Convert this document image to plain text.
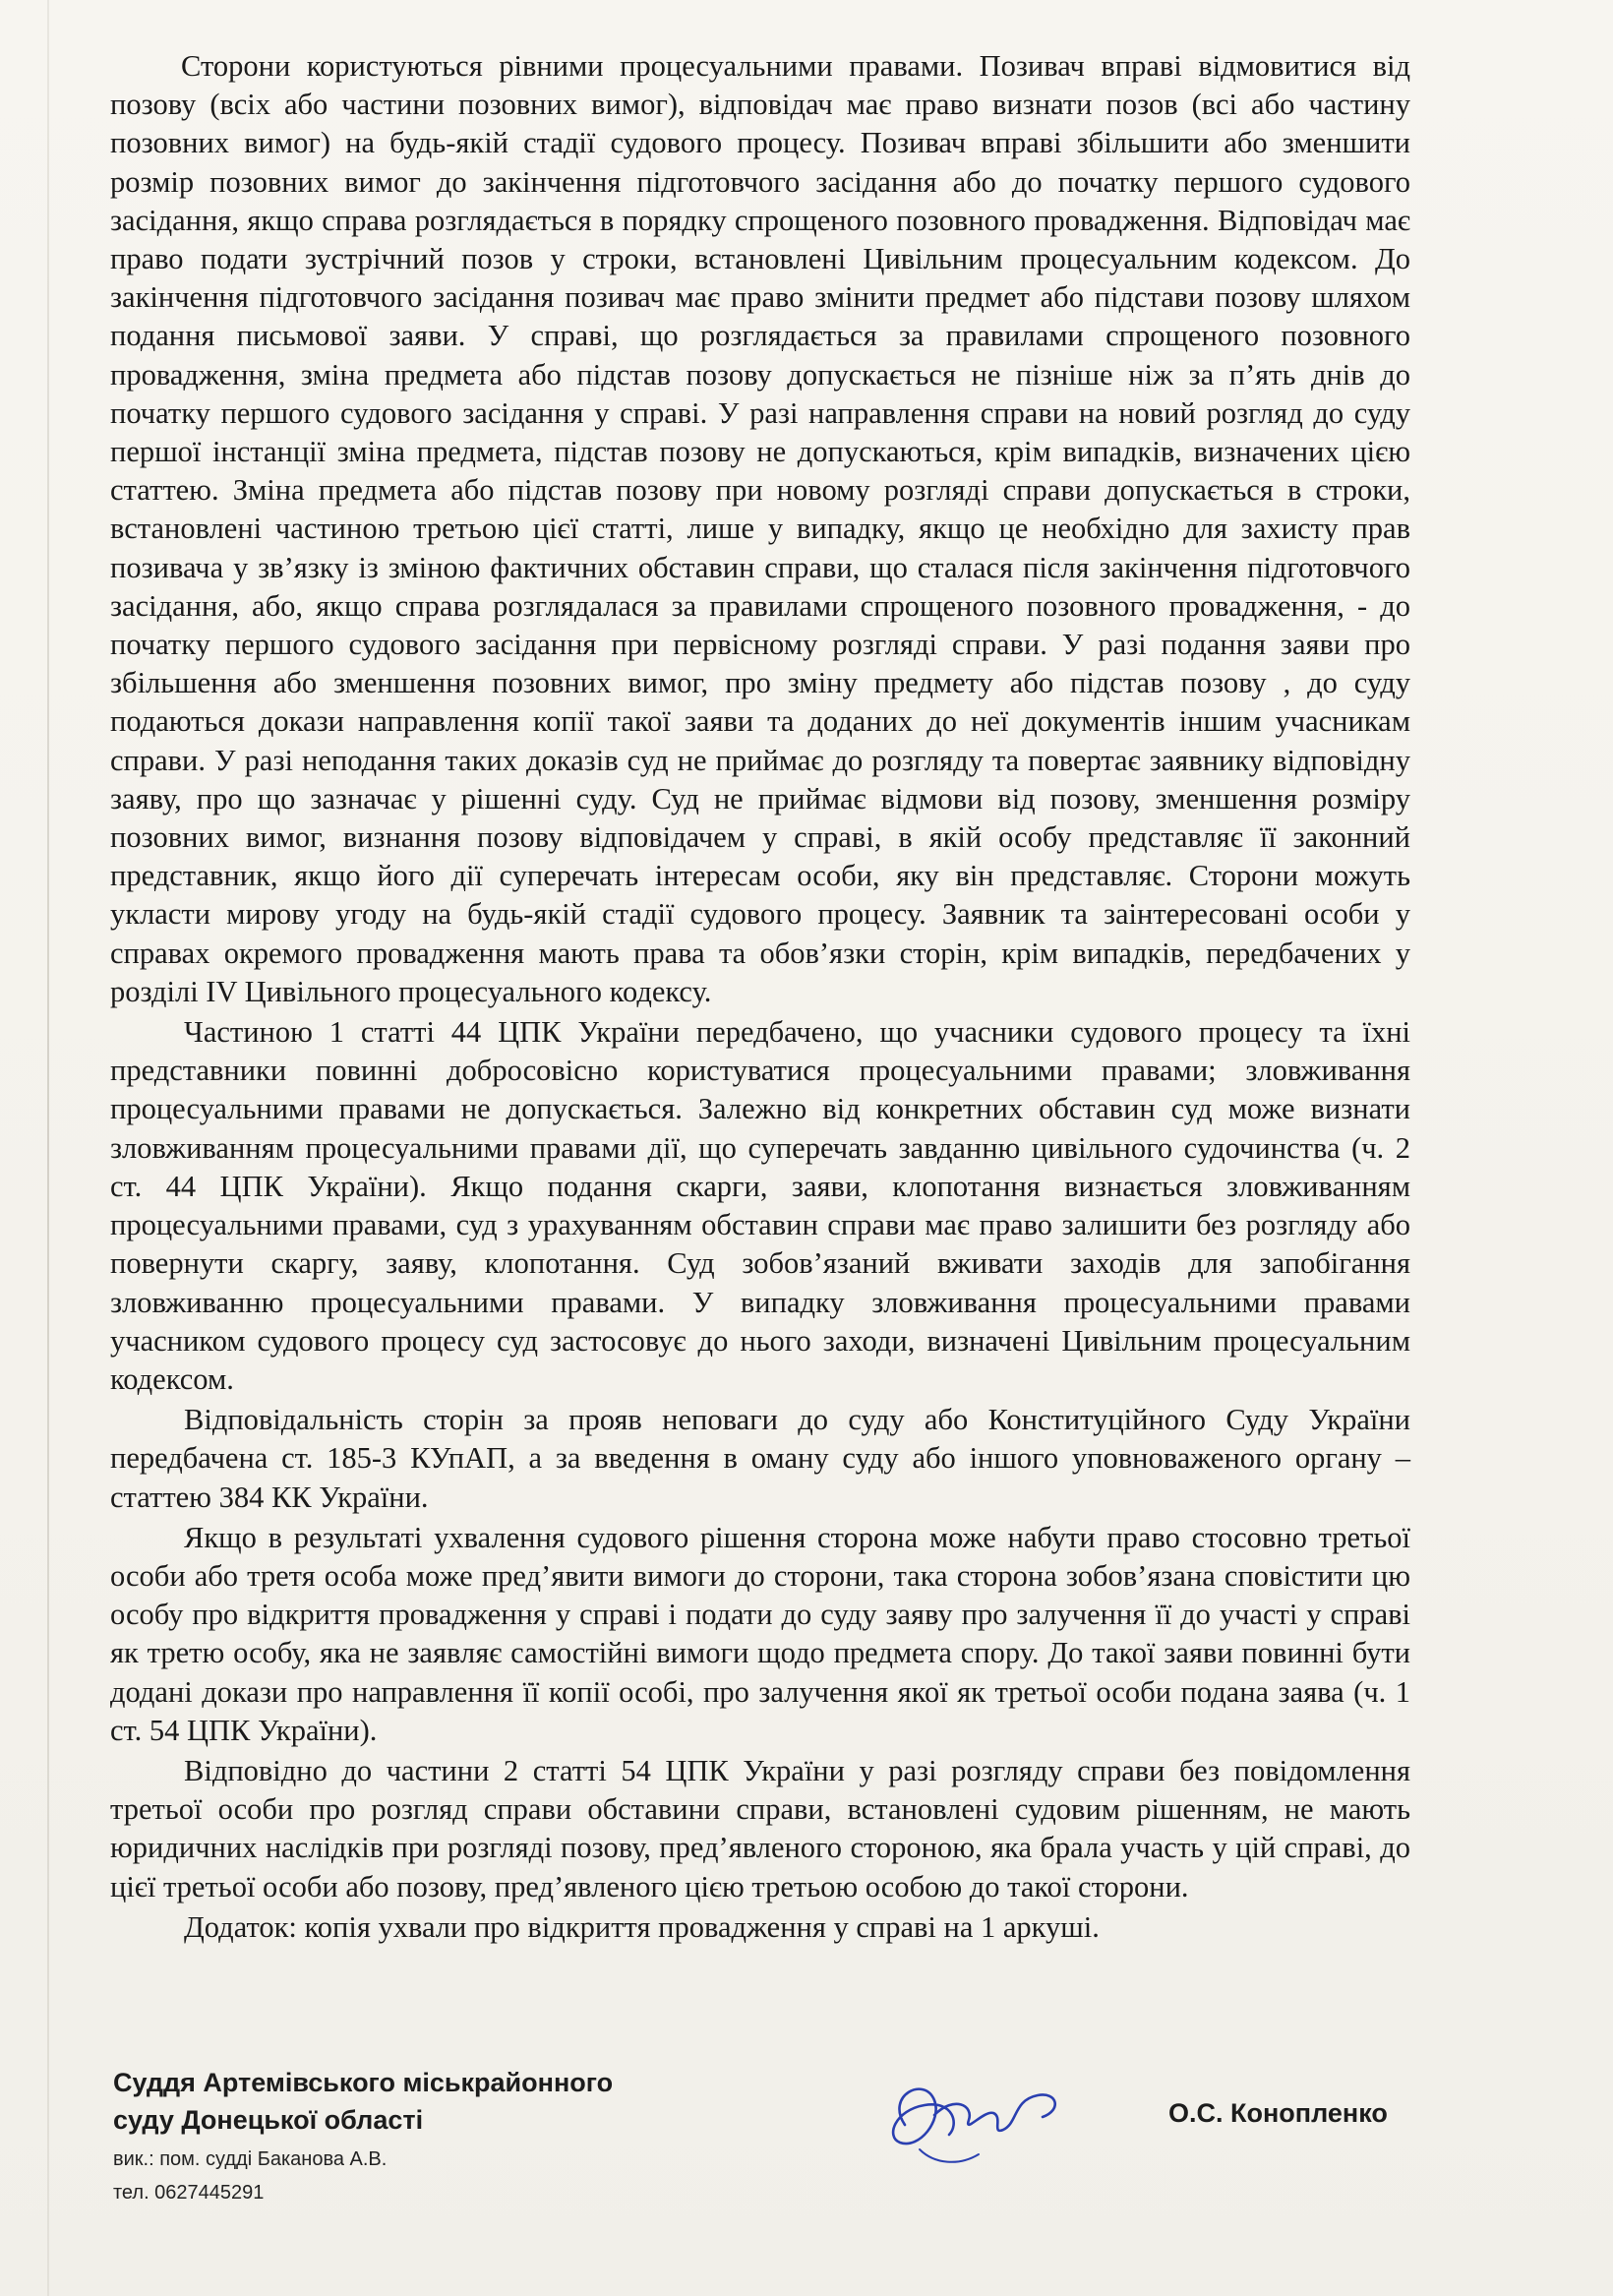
Сторони користуються рівними процесуальними правами. Позивач вправі відмовитися від позову (всіх або частини позовних вимог), відповідач має право визнати позов (всі або частину позовних вимог) на будь-якій стадії судового процесу. Позивач вправі збільшити або зменшити розмір позовних вимог до закінчення підготовчого засідання або до початку першого судового засідання, якщо справа розглядається в порядку спрощеного позовного провадження. Відповідач має право подати зустрічний позов у строки, встановлені Цивільним процесуальним кодексом. До закінчення підготовчого засідання позивач має право змінити предмет або підстави позову шляхом подання письмової заяви. У справі, що розглядається за правилами спрощеного позовного провадження, зміна предмета або підстав позову допускається не пізніше ніж за п’ять днів до початку першого судового засідання у справі. У разі направлення справи на новий розгляд до суду першої інстанції зміна предмета, підстав позову не допускаються, крім випадків, визначених цією статтею. Зміна предмета або підстав позову при новому розгляді справи допускається в строки, встановлені частиною третьою цієї статті, лише у випадку, якщо це необхідно для захисту прав позивача у зв’язку із зміною фактичних обставин справи, що сталася після закінчення підготовчого засідання, або, якщо справа розглядалася за правилами спрощеного позовного провадження, - до початку першого судового засідання при первісному розгляді справи. У разі подання заяви про збільшення або зменшення позовних вимог, про зміну предмету або підстав позову , до суду подаються докази направлення копії такої заяви та доданих до неї документів іншим учасникам справи. У разі неподання таких доказів суд не приймає до розгляду та повертає заявнику відповідну заяву, про що зазначає у рішенні суду. Суд не приймає відмови від позову, зменшення розміру позовних вимог, визнання позову відповідачем у справі, в якій особу представляє її законний представник, якщо його дії суперечать інтересам особи, яку він представляє. Сторони можуть укласти мирову угоду на будь-якій стадії судового процесу. Заявник та заінтересовані особи у справах окремого провадження мають права та обов’язки сторін, крім випадків, передбачених у розділі IV Цивільного процесуального кодексу.

Частиною 1 статті 44 ЦПК України передбачено, що учасники судового процесу та їхні представники повинні добросовісно користуватися процесуальними правами; зловживання процесуальними правами не допускається. Залежно від конкретних обставин суд може визнати зловживанням процесуальними правами дії, що суперечать завданню цивільного судочинства (ч. 2 ст. 44 ЦПК України). Якщо подання скарги, заяви, клопотання визнається зловживанням процесуальними правами, суд з урахуванням обставин справи має право залишити без розгляду або повернути скаргу, заяву, клопотання. Суд зобов’язаний вживати заходів для запобігання зловживанню процесуальними правами. У випадку зловживання процесуальними правами учасником судового процесу суд застосовує до нього заходи, визначені Цивільним процесуальним кодексом.

Відповідальність сторін за прояв неповаги до суду або Конституційного Суду України передбачена ст. 185-3 КУпАП, а за введення в оману суду або іншого уповноваженого органу – статтею 384 КК України.

Якщо в результаті ухвалення судового рішення сторона може набути право стосовно третьої особи або третя особа може пред’явити вимоги до сторони, така сторона зобов’язана сповістити цю особу про відкриття провадження у справі і подати до суду заяву про залучення її до участі у справі як третю особу, яка не заявляє самостійні вимоги щодо предмета спору. До такої заяви повинні бути додані докази про направлення її копії особі, про залучення якої як третьої особи подана заява (ч. 1 ст. 54 ЦПК України).

Відповідно до частини 2 статті 54 ЦПК України у разі розгляду справи без повідомлення третьої особи про розгляд справи обставини справи, встановлені судовим рішенням, не мають юридичних наслідків при розгляді позову, пред’явленого стороною, яка брала участь у цій справі, до цієї третьої особи або позову, пред’явленого цією третьою особою до такої сторони.

Додаток: копія ухвали про відкриття провадження у справі на 1 аркуші.

Суддя Артемівського міськрайонного
суду Донецької області	О.С. Конопленко
вик.: пом. судді Баканова А.В.
тел. 0627445291
